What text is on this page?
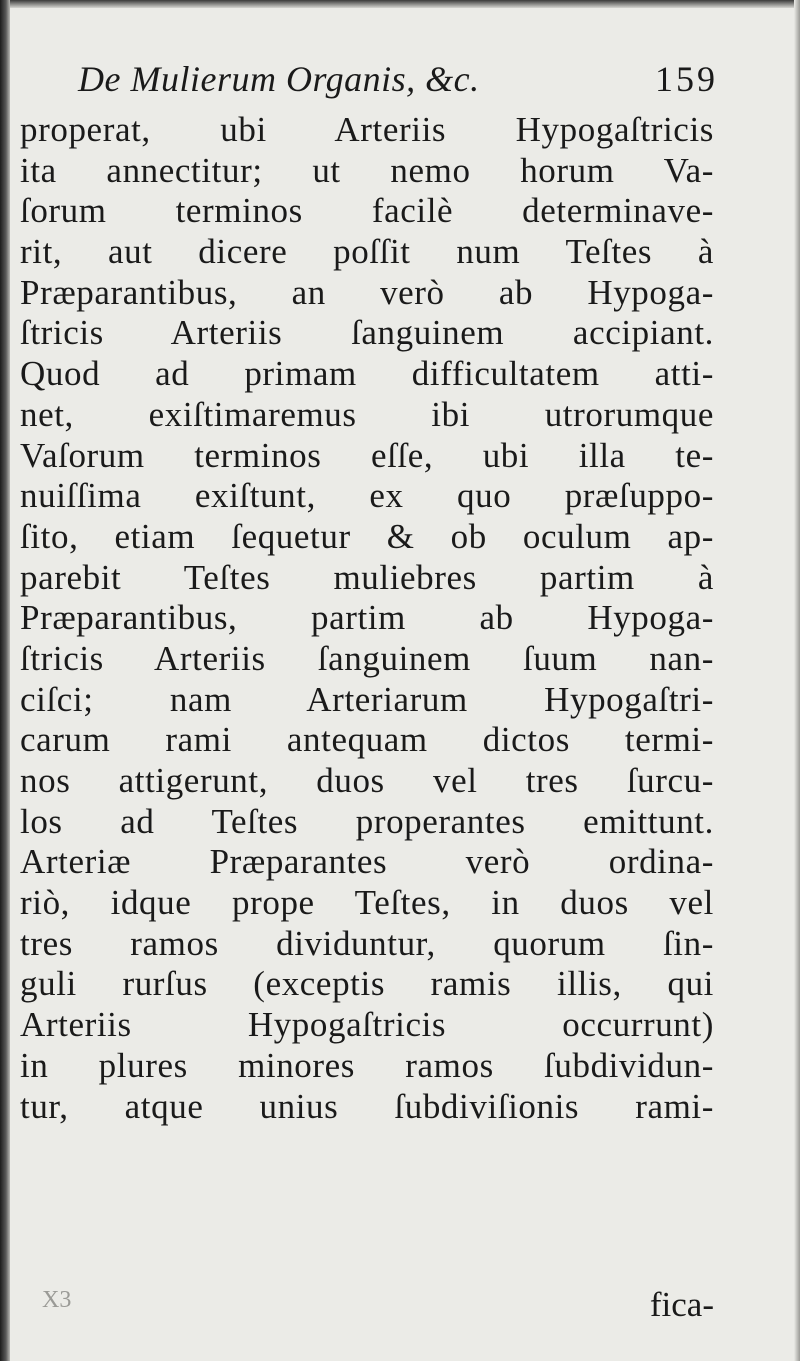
De Mulierum Organis, &c.	159
properat, ubi Arteriis Hypogaſtricis
ita annectitur; ut nemo horum Va-
ſorum terminos facilè determinave-
rit, aut dicere poſſit num Teſtes à
Præparantibus, an verò ab Hypoga-
ſtricis Arteriis ſanguinem accipiant.
Quod ad primam difficultatem atti-
net, exiſtimaremus ibi utrorumque
Vaſorum terminos eſſe, ubi illa te-
nuiſſima exiſtunt, ex quo præſuppo-
ſito, etiam ſequetur & ob oculum ap-
parebit Teſtes muliebres partim à
Præparantibus, partim ab Hypoga-
ſtricis Arteriis ſanguinem ſuum nan-
ciſci; nam Arteriarum Hypogaſtri-
carum rami antequam dictos termi-
nos attigerunt, duos vel tres ſurcu-
los ad Teſtes properantes emittunt.
Arteriæ Præparantes verò ordina-
riò, idque prope Teſtes, in duos vel
tres ramos dividuntur, quorum ſin-
guli rurſus (exceptis ramis illis, qui
Arteriis Hypogaſtricis occurrunt)
in plures minores ramos ſubdividun-
tur, atque unius ſubdiviſionis rami-
X3	fica-
